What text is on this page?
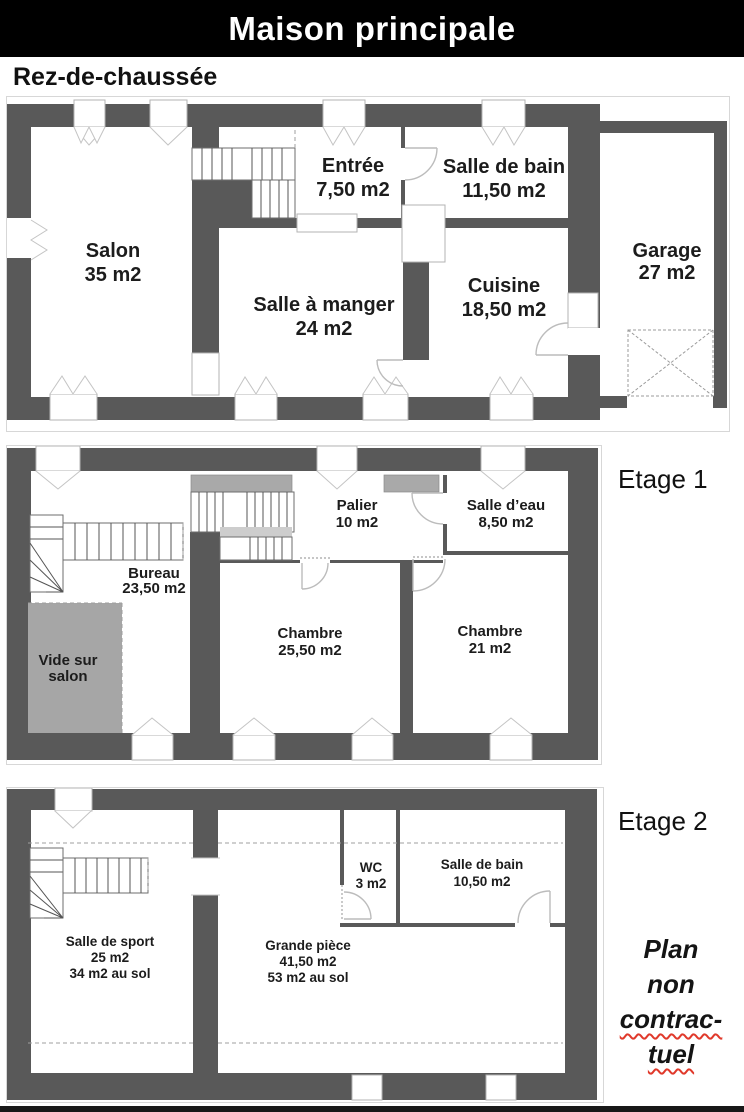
Maison principale
Rez-de-chaussée
Salon
35 m2
Entrée
7,50 m2
Salle de bain
11,50 m2
Salle à manger
24 m2
Cuisine
18,50 m2
Garage
27 m2
Bureau
23,50 m2
Palier
10 m2
Salle d’eau
8,50 m2
Chambre
25,50 m2
Chambre
21 m2
Vide sur
salon
Salle de sport
25 m2
34 m2 au sol
Grande pièce
41,50 m2
53 m2 au sol
WC
3 m2
Salle de bain
10,50 m2
Etage 1
Etage 2
Plan
non
contrac-
tuel
